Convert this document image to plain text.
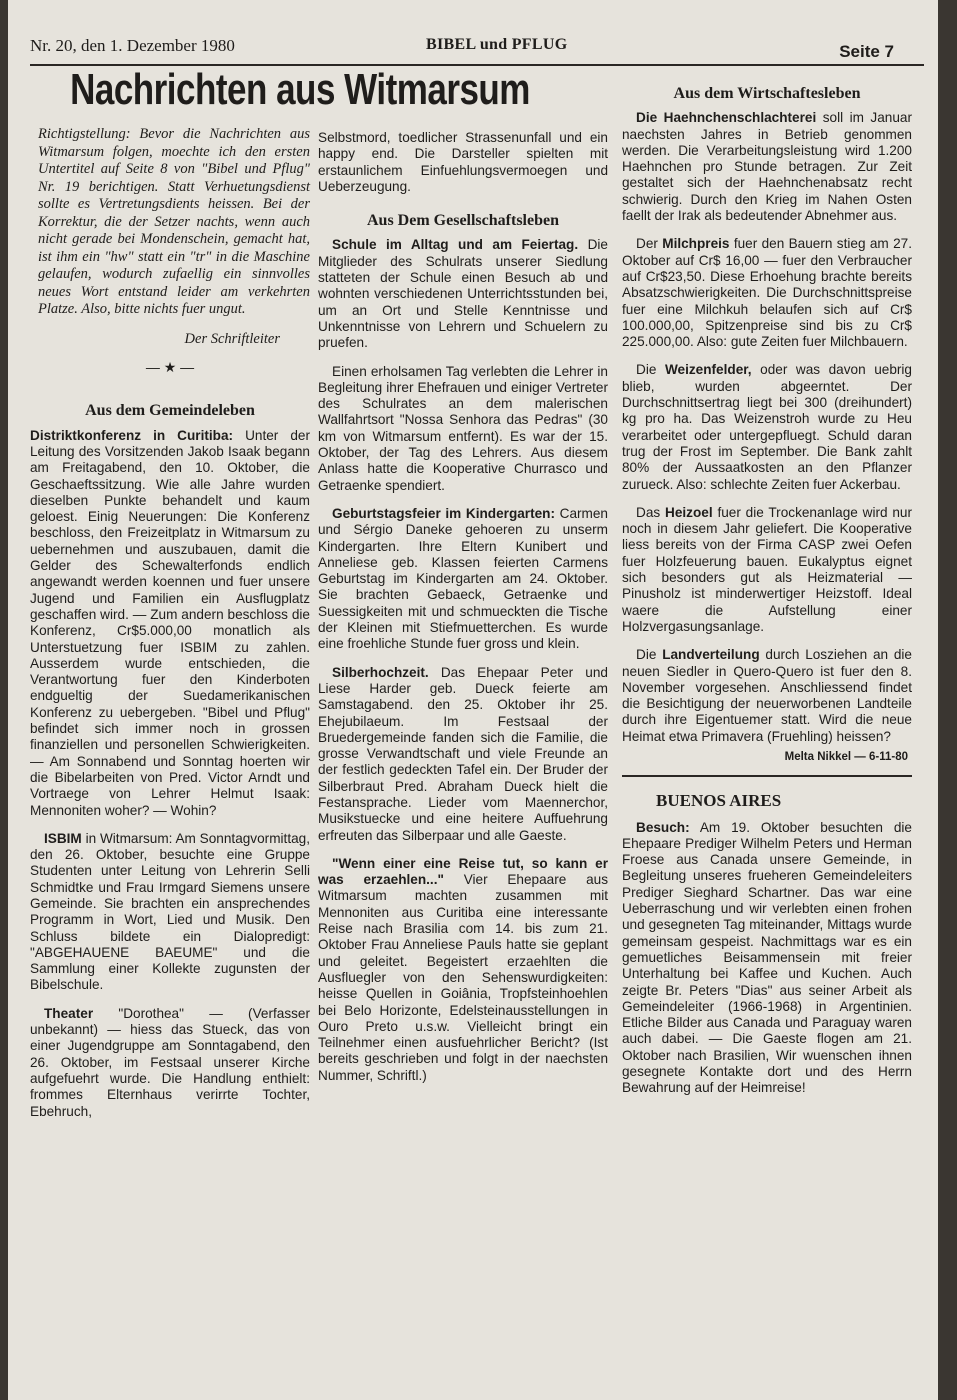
Nr. 20, den 1. Dezember 1980	BIBEL und PFLUG	Seite 7
Nachrichten aus Witmarsum
Richtigstellung: Bevor die Nachrichten aus Witmarsum folgen, moechte ich den ersten Untertitel auf Seite 8 von "Bibel und Pflug" Nr. 19 berichtigen. Statt Verhuetungsdienst sollte es Vertretungsdients heissen. Bei der Korrektur, die der Setzer nachts, wenn auch nicht gerade bei Mondenschein, gemacht hat, ist ihm ein "hw" statt ein "tr" in die Maschine gelaufen, wodurch zufaellig ein sinnvolles neues Wort entstand leider am verkehrten Platze. Also, bitte nichts fuer ungut.
Der Schriftleiter
— ★ —
Aus dem Gemeindeleben

Distriktkonferenz in Curitiba: Unter der Leitung des Vorsitzenden Jakob Isaak begann am Freitagabend, den 10. Oktober, die Geschaeftssitzung. Wie alle Jahre wurden dieselben Punkte behandelt und kaum geloest. Einig Neuerungen: Die Konferenz beschloss, den Freizeitplatz in Witmarsum zu uebernehmen und auszubauen, damit die Gelder des Schewalterfonds endlich angewandt werden koennen und fuer unsere Jugend und Familien ein Ausflugplatz geschaffen wird. — Zum andern beschloss die Konferenz, Cr$5.000,00 monatlich als Unterstuetzung fuer ISBIM zu zahlen. Ausserdem wurde entschieden, die Verantwortung fuer den Kinderboten endgueltig der Suedamerikanischen Konferenz zu uebergeben. "Bibel und Pflug" befindet sich immer noch in grossen finanziellen und personellen Schwierigkeiten. — Am Sonnabend und Sonntag hoerten wir die Bibelarbeiten von Pred. Victor Arndt und Vortraege von Lehrer Helmut Isaak: Mennoniten woher? — Wohin?

ISBIM in Witmarsum: Am Sonntagvormittag, den 26. Oktober, besuchte eine Gruppe Studenten unter Leitung von Lehrerin Selli Schmidtke und Frau Irmgard Siemens unsere Gemeinde. Sie brachten ein ansprechendes Programm in Wort, Lied und Musik. Den Schluss bildete ein Dialopredigt: "ABGEHAUENE BAEUME" und die Sammlung einer Kollekte zugunsten der Bibelschule.

Theater "Dorothea" — (Verfasser unbekannt) — hiess das Stueck, das von einer Jugendgruppe am Sonntagabend, den 26. Oktober, im Festsaal unserer Kirche aufgefuehrt wurde. Die Handlung enthielt: frommes Elternhaus verirrte Tochter, Ebehruch,

Selbstmord, toedlicher Strassenunfall und ein happy end. Die Darsteller spielten mit erstaunlichem Einfuehlungsvermoegen und Ueberzeugung.

Aus Dem Gesellschaftsleben

Schule im Alltag und am Feiertag. Die Mitglieder des Schulrats unserer Siedlung statteten der Schule einen Besuch ab und wohnten verschiedenen Unterrichtsstunden bei, um an Ort und Stelle Kenntnisse und Unkenntnisse von Lehrern und Schuelern zu pruefen.

Einen erholsamen Tag verlebten die Lehrer in Begleitung ihrer Ehefrauen und einiger Vertreter des Schulrates an dem malerischen Wallfahrtsort "Nossa Senhora das Pedras" (30 km von Witmarsum entfernt). Es war der 15. Oktober, der Tag des Lehrers. Aus diesem Anlass hatte die Kooperative Churrasco und Getraenke spendiert.

Geburtstagsfeier im Kindergarten: Carmen und Sérgio Daneke gehoeren zu unserm Kindergarten. Ihre Eltern Kunibert und Anneliese geb. Klassen feierten Carmens Geburtstag im Kindergarten am 24. Oktober. Sie brachten Gebaeck, Getraenke und Suessigkeiten mit und schmueckten die Tische der Kleinen mit Stiefmuetterchen. Es wurde eine froehliche Stunde fuer gross und klein.

Silberhochzeit. Das Ehepaar Peter und Liese Harder geb. Dueck feierte am Samstagabend. den 25. Oktober ihr 25. Ehejubilaeum. Im Festsaal der Bruedergemeinde fanden sich die Familie, die grosse Verwandtschaft und viele Freunde an der festlich gedeckten Tafel ein. Der Bruder der Silberbraut Pred. Abraham Dueck hielt die Festansprache. Lieder vom Maennerchor, Musikstuecke und eine heitere Auffuehrung erfreuten das Silberpaar und alle Gaeste.

"Wenn einer eine Reise tut, so kann er was erzaehlen..." Vier Ehepaare aus Witmarsum machten zusammen mit Mennoniten aus Curitiba eine interessante Reise nach Brasilia com 14. bis zum 21. Oktober Frau Anneliese Pauls hatte sie geplant und geleitet. Begeistert erzaehlten die Ausfluegler von den Sehenswurdigkeiten: heisse Quellen in Goiânia, Tropfsteinhoehlen bei Belo Horizonte, Edelsteinausstellungen in Ouro Preto u.s.w. Vielleicht bringt ein Teilnehmer einen ausfuehrlicher Bericht? (Ist bereits geschrieben und folgt in der naechsten Nummer, Schriftl.)

Aus dem Wirtschaftesleben

Die Haehnchenschlachterei soll im Januar naechsten Jahres in Betrieb genommen werden. Die Verarbeitungsleistung wird 1.200 Haehnchen pro Stunde betragen. Zur Zeit gestaltet sich der Haehnchenabsatz recht schwierig. Durch den Krieg im Nahen Osten faellt der Irak als bedeutender Abnehmer aus.

Der Milchpreis fuer den Bauern stieg am 27. Oktober auf Cr$ 16,00 — fuer den Verbraucher auf Cr$23,50. Diese Erhoehung brachte bereits Absatzschwierigkeiten. Die Durchschnittspreise fuer eine Milchkuh belaufen sich auf Cr$ 100.000,00, Spitzenpreise sind bis zu Cr$ 225.000,00. Also: gute Zeiten fuer Milchbauern.

Die Weizenfelder, oder was davon uebrig blieb, wurden abgeerntet. Der Durchschnittsertrag liegt bei 300 (dreihundert) kg pro ha. Das Weizenstroh wurde zu Heu verarbeitet oder untergepfluegt. Schuld daran trug der Frost im September. Die Bank zahlt 80% der Aussaatkosten an den Pflanzer zurueck. Also: schlechte Zeiten fuer Ackerbau.

Das Heizoel fuer die Trockenanlage wird nur noch in diesem Jahr geliefert. Die Kooperative liess bereits von der Firma CASP zwei Oefen fuer Holzfeuerung bauen. Eukalyptus eignet sich besonders gut als Heizmaterial — Pinusholz ist minderwertiger Heizstoff. Ideal waere die Aufstellung einer Holzvergasungsanlage.

Die Landverteilung durch Losziehen an die neuen Siedler in Quero-Quero ist fuer den 8. November vorgesehen. Anschliessend findet die Besichtigung der neuerworbenen Landteile durch ihre Eigentuemer statt. Wird die neue Heimat etwa Primavera (Fruehling) heissen?

Melta Nikkel — 6-11-80
BUENOS AIRES

Besuch: Am 19. Oktober besuchten die Ehepaare Prediger Wilhelm Peters und Herman Froese aus Canada unsere Gemeinde, in Begleitung unseres frueheren Gemeindeleiters Prediger Sieghard Schartner. Das war eine Ueberraschung und wir verlebten einen frohen und gesegneten Tag miteinander, Mittags wurde gemeinsam gespeist. Nachmittags war es ein gemuetliches Beisammensein mit freier Unterhaltung bei Kaffee und Kuchen. Auch zeigte Br. Peters "Dias" aus seiner Arbeit als Gemeindeleiter (1966-1968) in Argentinien. Etliche Bilder aus Canada und Paraguay waren auch dabei. — Die Gaeste flogen am 21. Oktober nach Brasilien, Wir wuenschen ihnen gesegnete Kontakte dort und des Herrn Bewahrung auf der Heimreise!
